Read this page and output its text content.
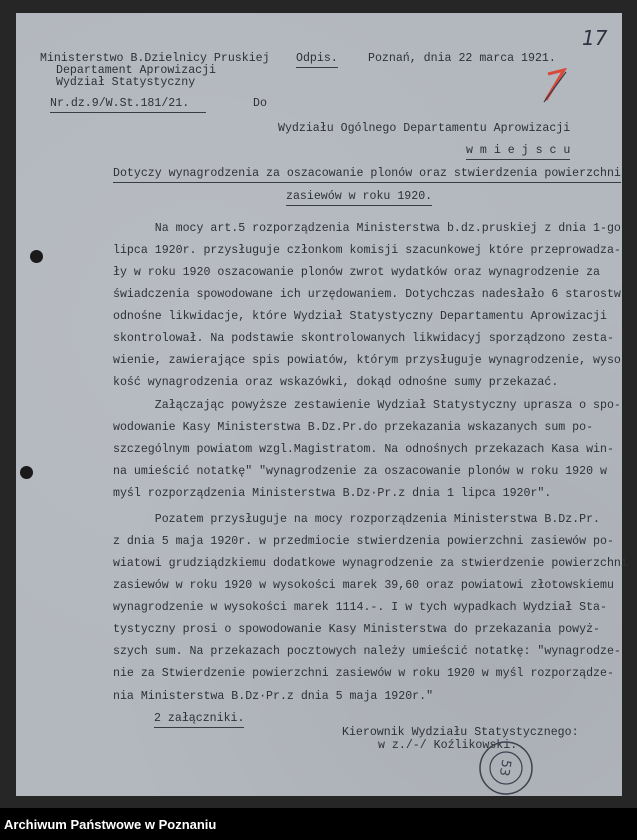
17
Ministerstwo B.Dzielnicy Pruskiej
Departament Aprowizacji
Wydział Statystyczny
Odpis.	Poznań, dnia 22 marca 1921.
Nr.dz.9/W.St.181/21.	Do
Wydziału Ogólnego Departamentu Aprowizacji
w m i e j s c u
Dotyczy wynagrodzenia za oszacowanie plonów oraz stwierdzenia powierzchni
zasiewów w roku 1920.
Na mocy art.5 rozporządzenia Ministerstwa b.dz.pruskiej z dnia 1-go
lipca 1920r. przysługuje członkom komisji szacunkowej które przeprowadza-
ły w roku 1920 oszacowanie plonów zwrot wydatków oraz wynagrodzenie za
świadczenia spowodowane ich urzędowaniem. Dotychczas nadesłało 6 starostw
odnośne likwidacje, które Wydział Statystyczny Departamentu Aprowizacji
skontrolował. Na podstawie skontrolowanych likwidacyj sporządzono zesta-
wienie, zawierające spis powiatów, którym przysługuje wynagrodzenie, wyso
kość wynagrodzenia oraz wskazówki, dokąd odnośne sumy przekazać.
Załączając powyższe zestawienie Wydział Statystyczny uprasza o spo-
wodowanie Kasy Ministerstwa B.Dz.Pr.do przekazania wskazanych sum po-
szczególnym powiatom wzgl.Magistratom. Na odnośnych przekazach Kasa win-
na umieścić notatkę" "wynagrodzenie za oszacowanie plonów w roku 1920 w
myśl rozporządzenia Ministerstwa B.Dz·Pr.z dnia 1 lipca 1920r".
Pozatem przysługuje na mocy rozporządzenia Ministerstwa B.Dz.Pr.
z dnia 5 maja 1920r. w przedmiocie stwierdzenia powierzchni zasiewów po-
wiatowi grudziądzkiemu dodatkowe wynagrodzenie za stwierdzenie powierzchni
zasiewów w roku 1920 w wysokości marek 39,60 oraz powiatowi złotowskiemu
wynagrodzenie w wysokości marek 1114.-. I w tych wypadkach Wydział Sta-
tystyczny prosi o spowodowanie Kasy Ministerstwa do przekazania powyż-
szych sum. Na przekazach pocztowych należy umieścić notatkę: "wynagrodze-
nie za Stwierdzenie powierzchni zasiewów w roku 1920 w myśl rozporządze-
nia Ministerstwa B.Dz·Pr.z dnia 5 maja 1920r."
2 załączniki.
Kierownik Wydziału Statystycznego:
w z./-/ Koźlikowski.
53
Archiwum Państwowe w Poznaniu
